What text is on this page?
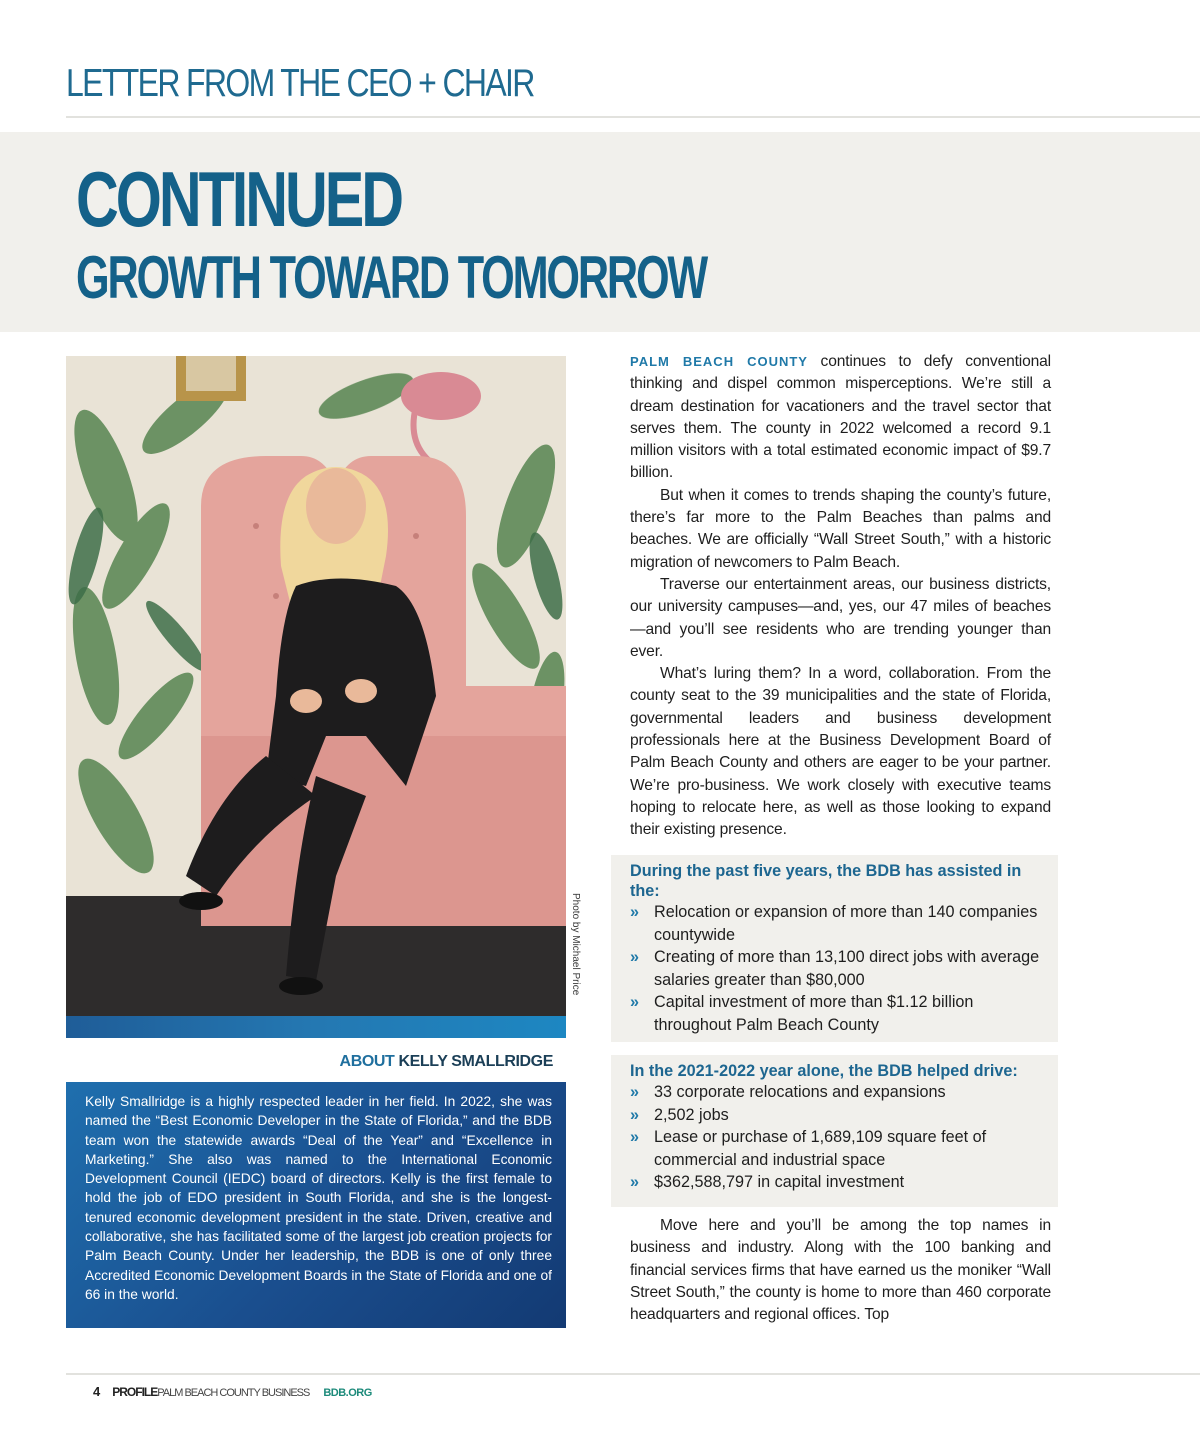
LETTER FROM THE CEO + CHAIR
CONTINUED
GROWTH TOWARD TOMORROW
Photo by Michael Price
ABOUT KELLY SMALLRIDGE

Kelly Smallridge is a highly respected leader in her field. In 2022, she was named the “Best Economic Developer in the State of Florida,” and the BDB team won the statewide awards “Deal of the Year” and “Excellence in Marketing.” She also was named to the International Economic Development Council (IEDC) board of directors. Kelly is the first female to hold the job of EDO president in South Florida, and she is the longest-tenured economic development president in the state. Driven, creative and collaborative, she has facilitated some of the largest job creation projects for Palm Beach County. Under her leadership, the BDB is one of only three Accredited Economic Development Boards in the State of Florida and one of 66 in the world.

PALM BEACH COUNTY continues to defy conventional thinking and dispel common misperceptions. We’re still a dream destination for vacationers and the travel sector that serves them. The county in 2022 welcomed a record 9.1 million visitors with a total estimated economic impact of $9.7 billion.

But when it comes to trends shaping the county’s future, there’s far more to the Palm Beaches than palms and beaches. We are officially “Wall Street South,” with a historic migration of newcomers to Palm Beach.

Traverse our entertainment areas, our business districts, our university campuses—and, yes, our 47 miles of beaches—and you’ll see residents who are trending younger than ever.

What’s luring them? In a word, collaboration. From the county seat to the 39 municipalities and the state of Florida, governmental leaders and business development professionals here at the Business Development Board of Palm Beach County and others are eager to be your partner. We’re pro-business. We work closely with executive teams hoping to relocate here, as well as those looking to expand their existing presence.

During the past five years, the BDB has assisted in the:
» Relocation or expansion of more than 140 companies countywide
» Creating of more than 13,100 direct jobs with average salaries greater than $80,000
» Capital investment of more than $1.12 billion throughout Palm Beach County
In the 2021-2022 year alone, the BDB helped drive:
» 33 corporate relocations and expansions
» 2,502 jobs
» Lease or purchase of 1,689,109 square feet of commercial and industrial space
» $362,588,797 in capital investment

Move here and you’ll be among the top names in business and industry. Along with the 100 banking and financial services firms that have earned us the moniker “Wall Street South,” the county is home to more than 460 corporate headquarters and regional offices. Top

4 PROFILEPALM BEACH COUNTY BUSINESS BDB.ORG
